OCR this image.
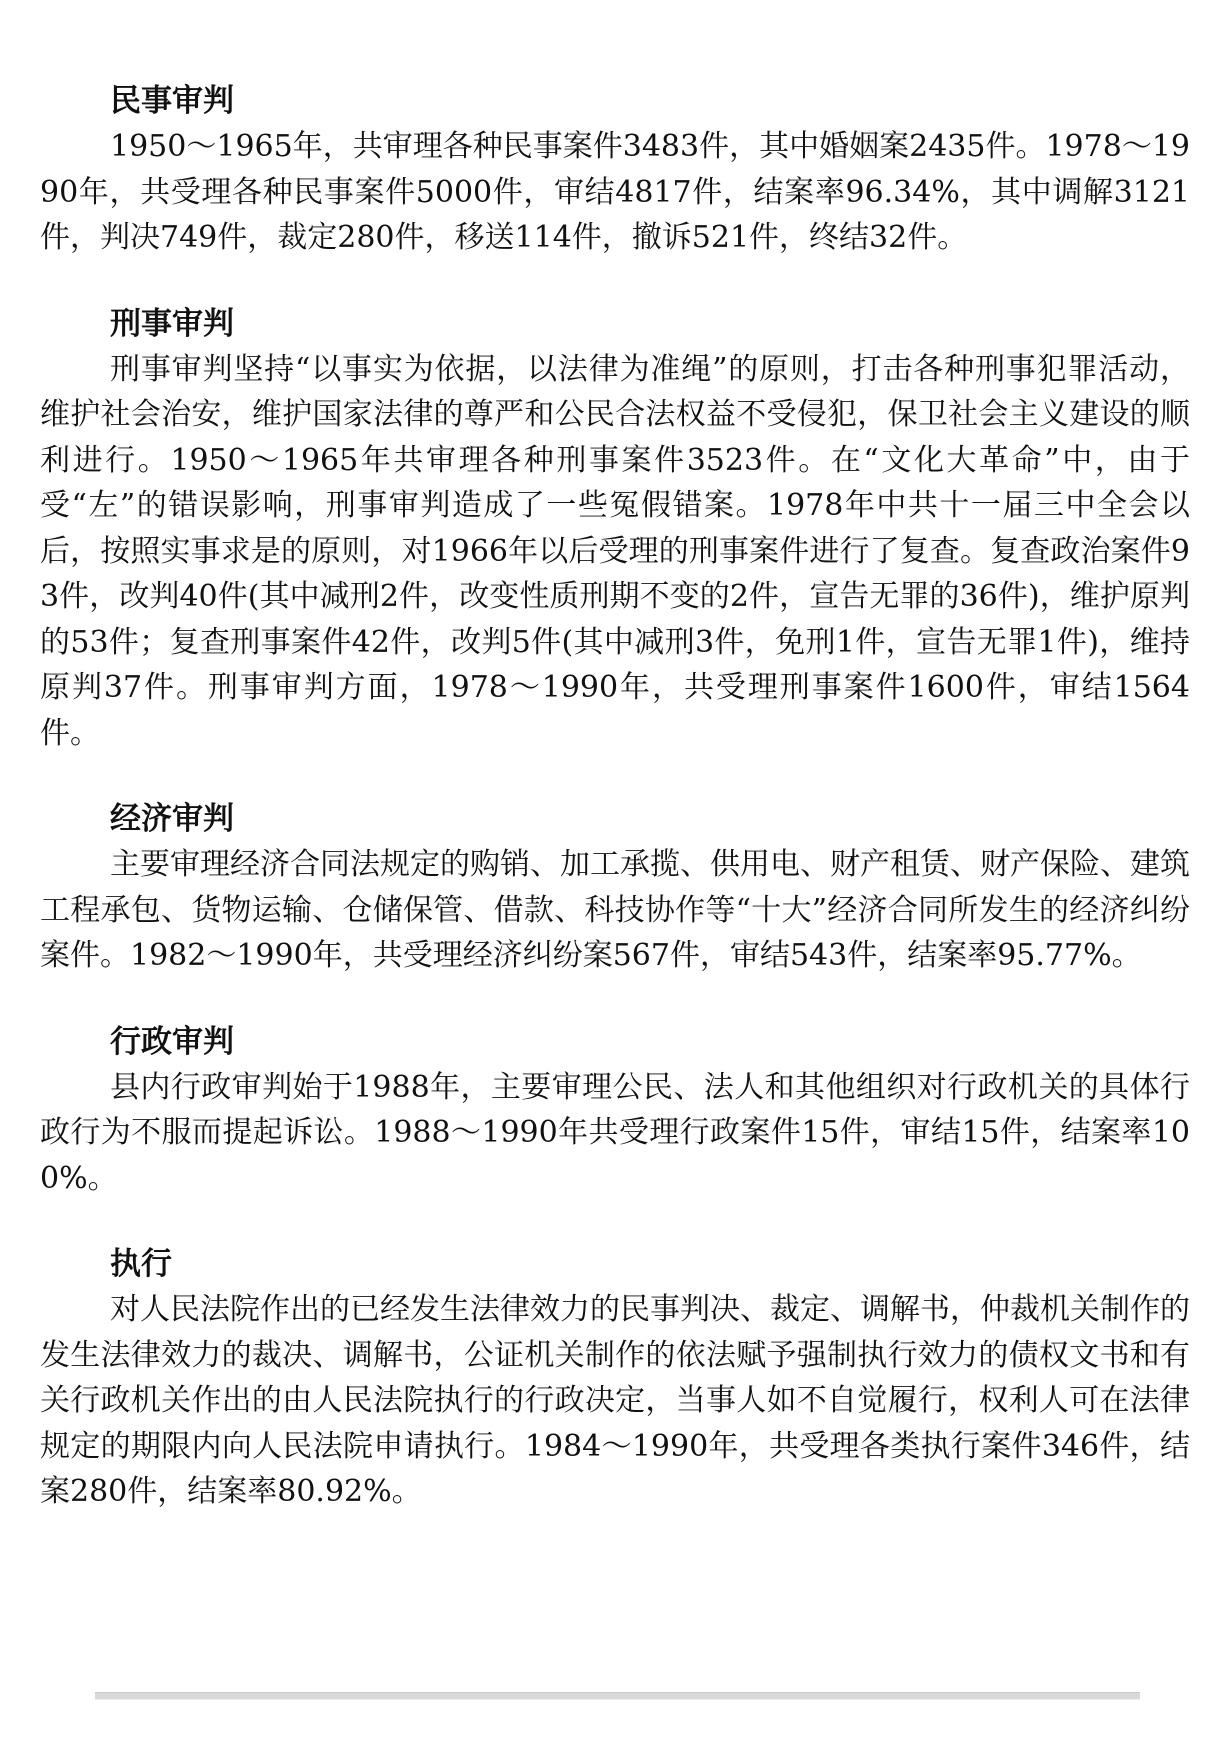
民事审判

1950～1965年，共审理各种民事案件3483件，其中婚姻案2435件。1978～1990年，共受理各种民事案件5000件，审结4817件，结案率96.34%，其中调解3121件，判决749件，裁定280件，移送114件，撤诉521件，终结32件。

刑事审判

刑事审判坚持“以事实为依据，以法律为准绳”的原则，打击各种刑事犯罪活动，维护社会治安，维护国家法律的尊严和公民合法权益不受侵犯，保卫社会主义建设的顺利进行。1950～1965年共审理各种刑事案件3523件。在“文化大革命”中，由于受“左”的错误影响，刑事审判造成了一些冤假错案。1978年中共十一届三中全会以后，按照实事求是的原则，对1966年以后受理的刑事案件进行了复查。复查政治案件93件，改判40件(其中减刑2件，改变性质刑期不变的2件，宣告无罪的36件)，维护原判的53件；复查刑事案件42件，改判5件(其中减刑3件，免刑1件，宣告无罪1件)，维持原判37件。刑事审判方面，1978～1990年，共受理刑事案件1600件，审结1564件。

经济审判

主要审理经济合同法规定的购销、加工承揽、供用电、财产租赁、财产保险、建筑工程承包、货物运输、仓储保管、借款、科技协作等“十大”经济合同所发生的经济纠纷案件。1982～1990年，共受理经济纠纷案567件，审结543件，结案率95.77%。

行政审判

县内行政审判始于1988年，主要审理公民、法人和其他组织对行政机关的具体行政行为不服而提起诉讼。1988～1990年共受理行政案件15件，审结15件，结案率100%。

执行

对人民法院作出的已经发生法律效力的民事判决、裁定、调解书，仲裁机关制作的发生法律效力的裁决、调解书，公证机关制作的依法赋予强制执行效力的债权文书和有关行政机关作出的由人民法院执行的行政决定，当事人如不自觉履行，权利人可在法律规定的期限内向人民法院申请执行。1984～1990年，共受理各类执行案件346件，结案280件，结案率80.92%。
